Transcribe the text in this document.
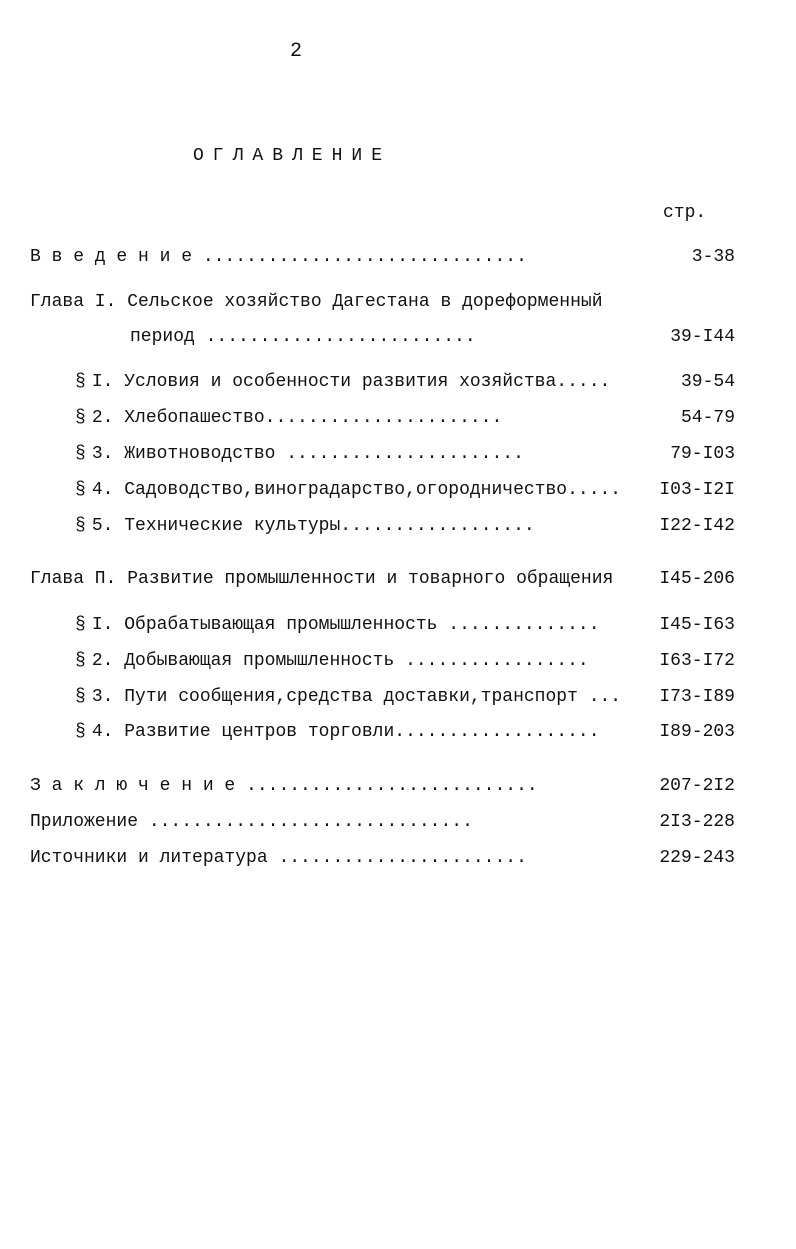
2
ОГЛАВЛЕНИЕ
стр.
В в е д е н и е ..............................	3-38
Глава I. Сельское хозяйство Дагестана в дореформенный
период .........................	39-I44
§ I. Условия и особенности развития хозяйства.....	39-54
§ 2. Хлебопашество......................	54-79
§ 3. Животноводство ......................	79-I03
§ 4. Садоводство,виноградарство,огородничество.....	I03-I2I
§ 5. Технические культуры..................	I22-I42
Глава П. Развитие промышленности и товарного обращения	I45-206
§ I. Обрабатывающая промышленность ..............	I45-I63
§ 2. Добывающая промышленность .................	I63-I72
§ 3. Пути сообщения,средства доставки,транспорт ...	I73-I89
§ 4. Развитие центров торговли...................	I89-203
З а к л ю ч е н и е ...........................	207-2I2
Приложение ..............................	2I3-228
Источники и литература .......................	229-243
